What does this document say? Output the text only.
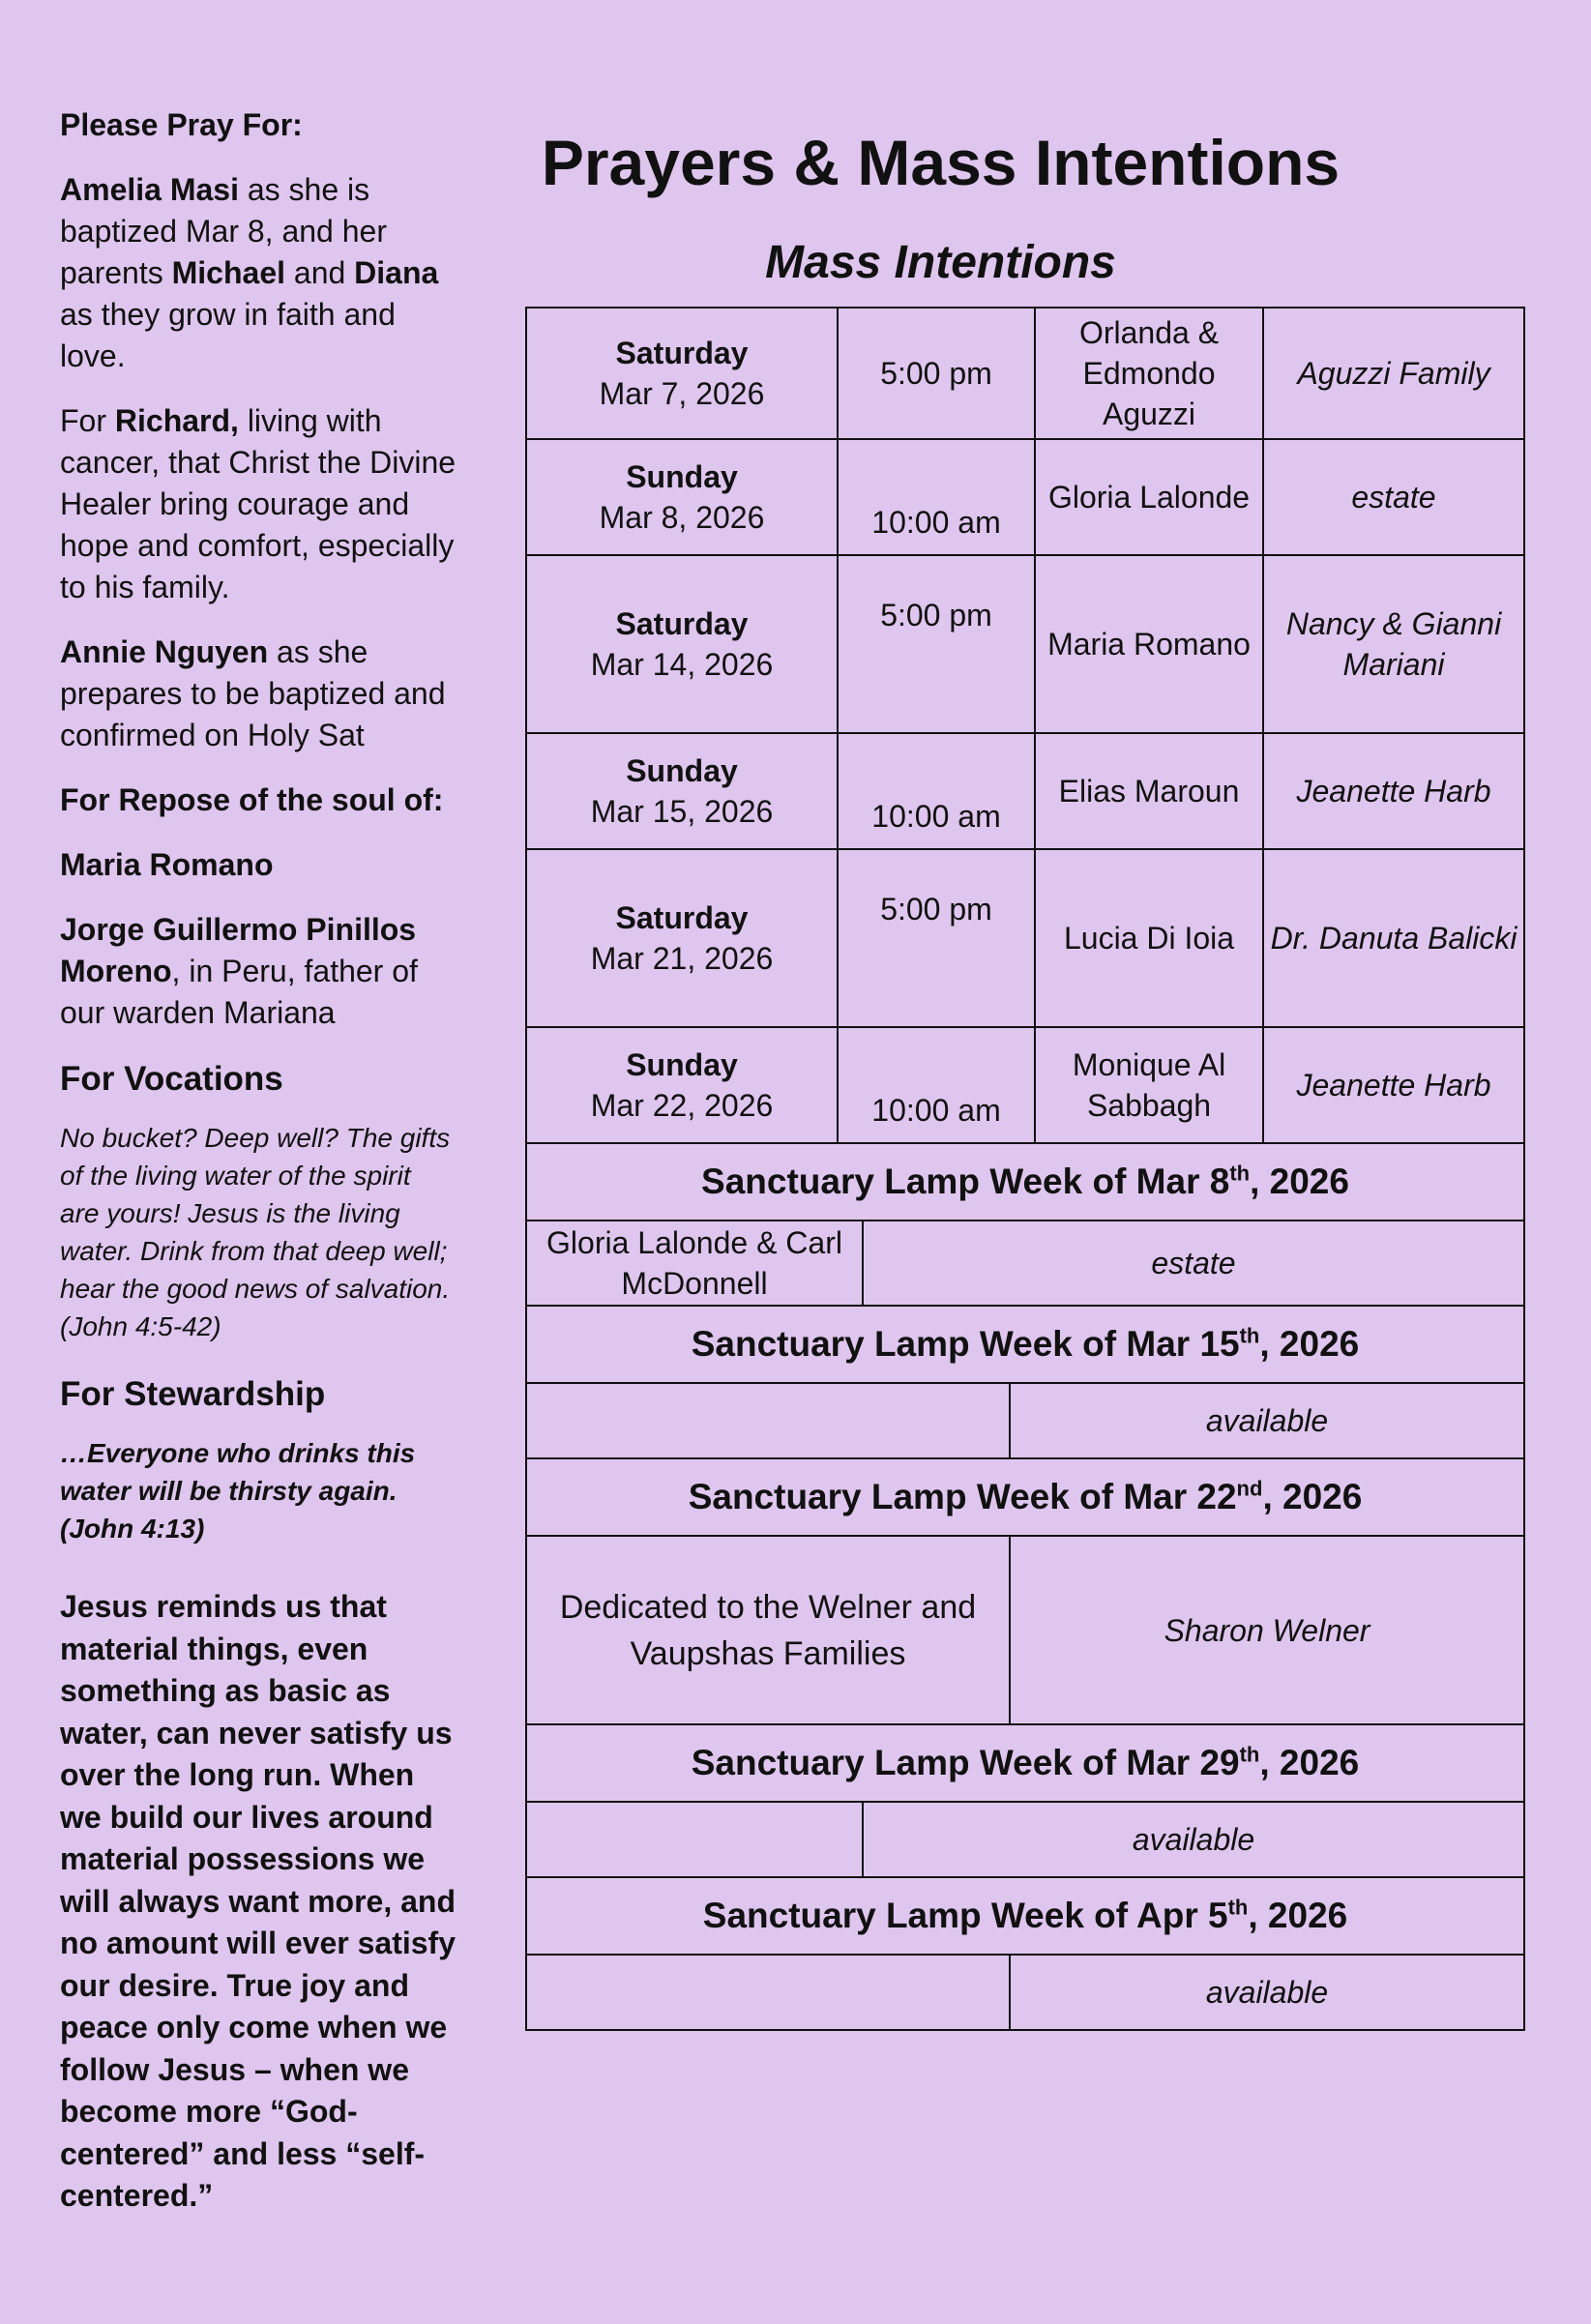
Please Pray For:

Amelia Masi as she is baptized Mar 8, and her parents Michael and Diana as they grow in faith and love.

For Richard, living with cancer, that Christ the Divine Healer bring courage and hope and comfort, especially to his family.

Annie Nguyen as she prepares to be baptized and confirmed on Holy Sat

For Repose of the soul of:

Maria Romano

Jorge Guillermo Pinillos Moreno, in Peru, father of our warden Mariana

For Vocations

No bucket? Deep well? The gifts of the living water of the spirit are yours! Jesus is the living water. Drink from that deep well; hear the good news of salvation. (John 4:5-42)

For Stewardship

…Everyone who drinks this water will be thirsty again. (John 4:13)

Jesus reminds us that material things, even something as basic as water, can never satisfy us over the long run. When we build our lives around material possessions we will always want more, and no amount will ever satisfy our desire. True joy and peace only come when we follow Jesus – when we become more “God-centered” and less “self-centered.”

Prayers & Mass Intentions
Mass Intentions
Saturday
Mar 7, 2026	5:00 pm			Orlanda & Edmondo Aguzzi	Aguzzi Family

Sunday
Mar 8, 2026	10:00 am			Gloria Lalonde	estate

Saturday
Mar 14, 2026	5:00 pm			Maria Romano	Nancy & Gianni Mariani

Sunday
Mar 15, 2026	10:00 am			Elias Maroun	Jeanette Harb

Saturday
Mar 21, 2026	5:00 pm			Lucia Di Ioia	Dr. Danuta Balicki

Sunday
Mar 22, 2026	10:00 am			Monique Al Sabbagh	Jeanette Harb
Sanctuary Lamp Week of Mar 8th, 2026					
Gloria Lalonde & Carl McDonnell		estate			
Sanctuary Lamp Week of Mar 15th, 2026					
			available		
Sanctuary Lamp Week of Mar 22nd, 2026					
Dedicated to the Welner and Vaupshas Families			Sharon Welner		
Sanctuary Lamp Week of Mar 29th, 2026					
		available			
Sanctuary Lamp Week of Apr 5th, 2026					
			available		
